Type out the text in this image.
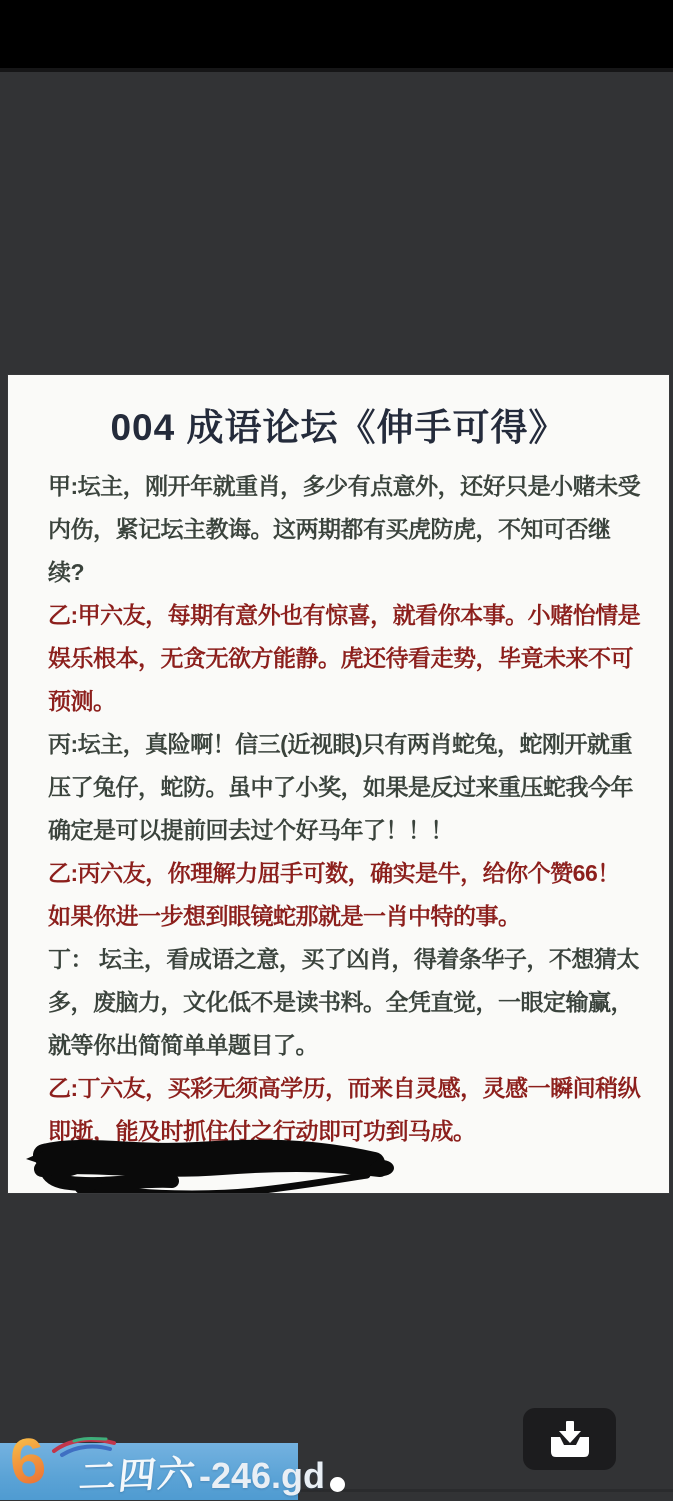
004 成语论坛《伸手可得》

甲:坛主，刚开年就重肖，多少有点意外，还好只是小赌未受内伤，紧记坛主教诲。这两期都有买虎防虎，不知可否继续?

乙:甲六友，每期有意外也有惊喜，就看你本事。小赌怡情是娱乐根本，无贪无欲方能静。虎还待看走势，毕竟未来不可预测。

丙:坛主，真险啊！信三(近视眼)只有两肖蛇兔，蛇刚开就重压了兔仔，蛇防。虽中了小奖，如果是反过来重压蛇我今年确定是可以提前回去过个好马年了！！！

乙:丙六友，你理解力屈手可数，确实是牛，给你个赞66！如果你进一步想到眼镜蛇那就是一肖中特的事。

丁： 坛主，看成语之意，买了凶肖，得着条华子，不想猜太多，废脑力，文化低不是读书料。全凭直觉，一眼定输赢，就等你出简简单单题目了。

乙:丁六友，买彩无须高学历，而来自灵感，灵感一瞬间稍纵即逝，能及时抓住付之行动即可功到马成。

6 二四六 -246.gd
